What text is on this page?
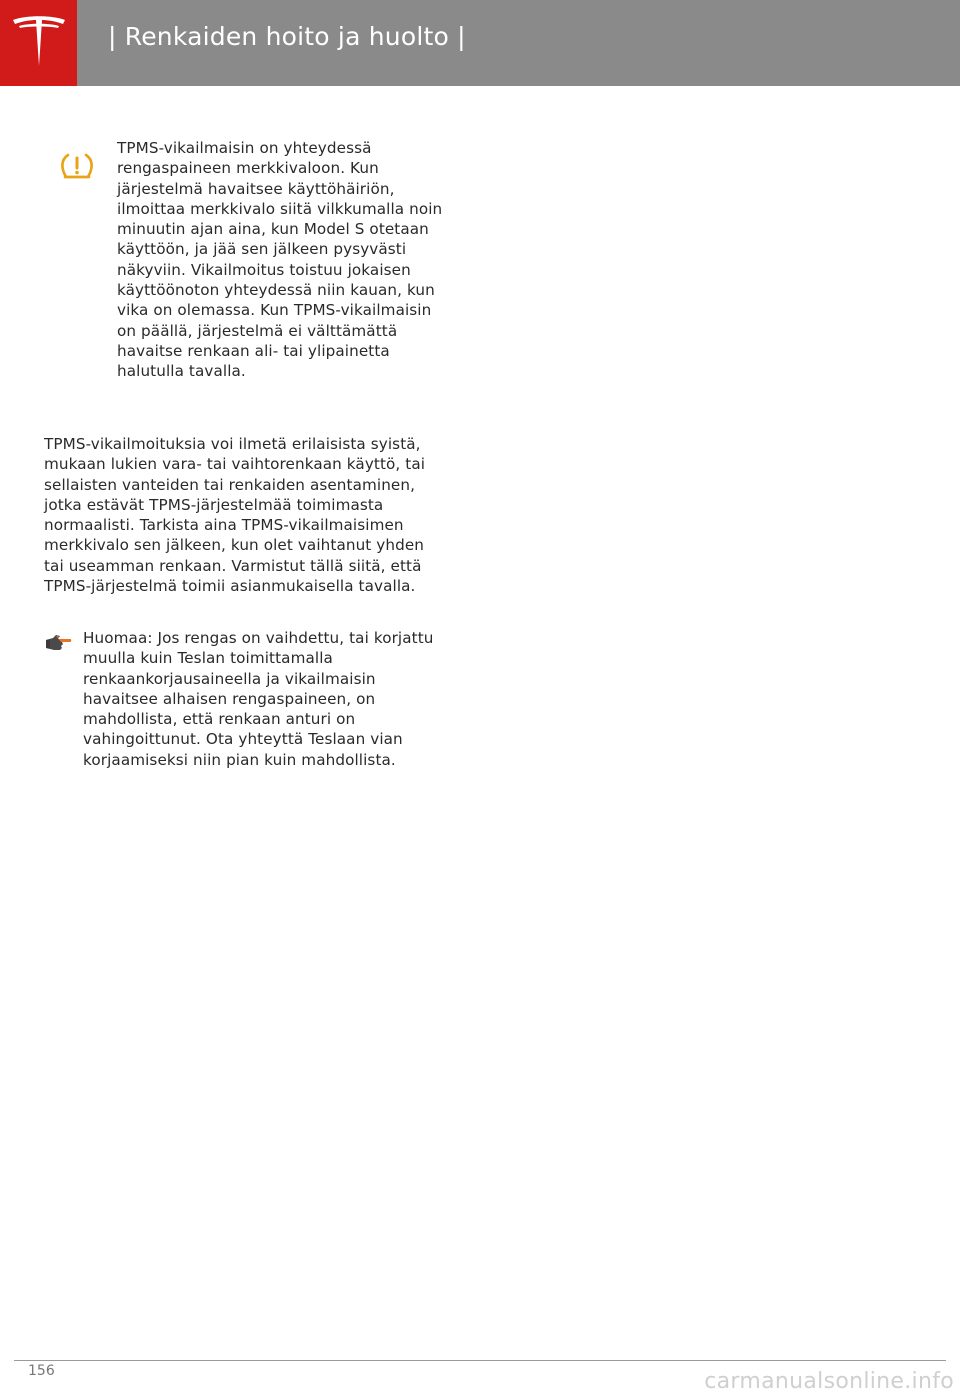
| Renkaiden hoito ja huolto |

TPMS-vikailmaisin on yhteydessä rengaspaineen merkkivaloon. Kun järjestelmä havaitsee käyttöhäiriön, ilmoittaa merkkivalo siitä vilkkumalla noin minuutin ajan aina, kun Model S otetaan käyttöön, ja jää sen jälkeen pysyvästi näkyviin. Vikailmoitus toistuu jokaisen käyttöönoton yhteydessä niin kauan, kun vika on olemassa. Kun TPMS-vikailmaisin on päällä, järjestelmä ei välttämättä havaitse renkaan ali- tai ylipainetta halutulla tavalla.

TPMS-vikailmoituksia voi ilmetä erilaisista syistä, mukaan lukien vara- tai vaihtorenkaan käyttö, tai sellaisten vanteiden tai renkaiden asentaminen, jotka estävät TPMS-järjestelmää toimimasta normaalisti. Tarkista aina TPMS-vikailmaisimen merkkivalo sen jälkeen, kun olet vaihtanut yhden tai useamman renkaan. Varmistut tällä siitä, että TPMS-järjestelmä toimii asianmukaisella tavalla.

Huomaa: Jos rengas on vaihdettu, tai korjattu muulla kuin Teslan toimittamalla renkaankorjausaineella ja vikailmaisin havaitsee alhaisen rengaspaineen, on mahdollista, että renkaan anturi on vahingoittunut. Ota yhteyttä Teslaan vian korjaamiseksi niin pian kuin mahdollista.

156	carmanualsonline.info
